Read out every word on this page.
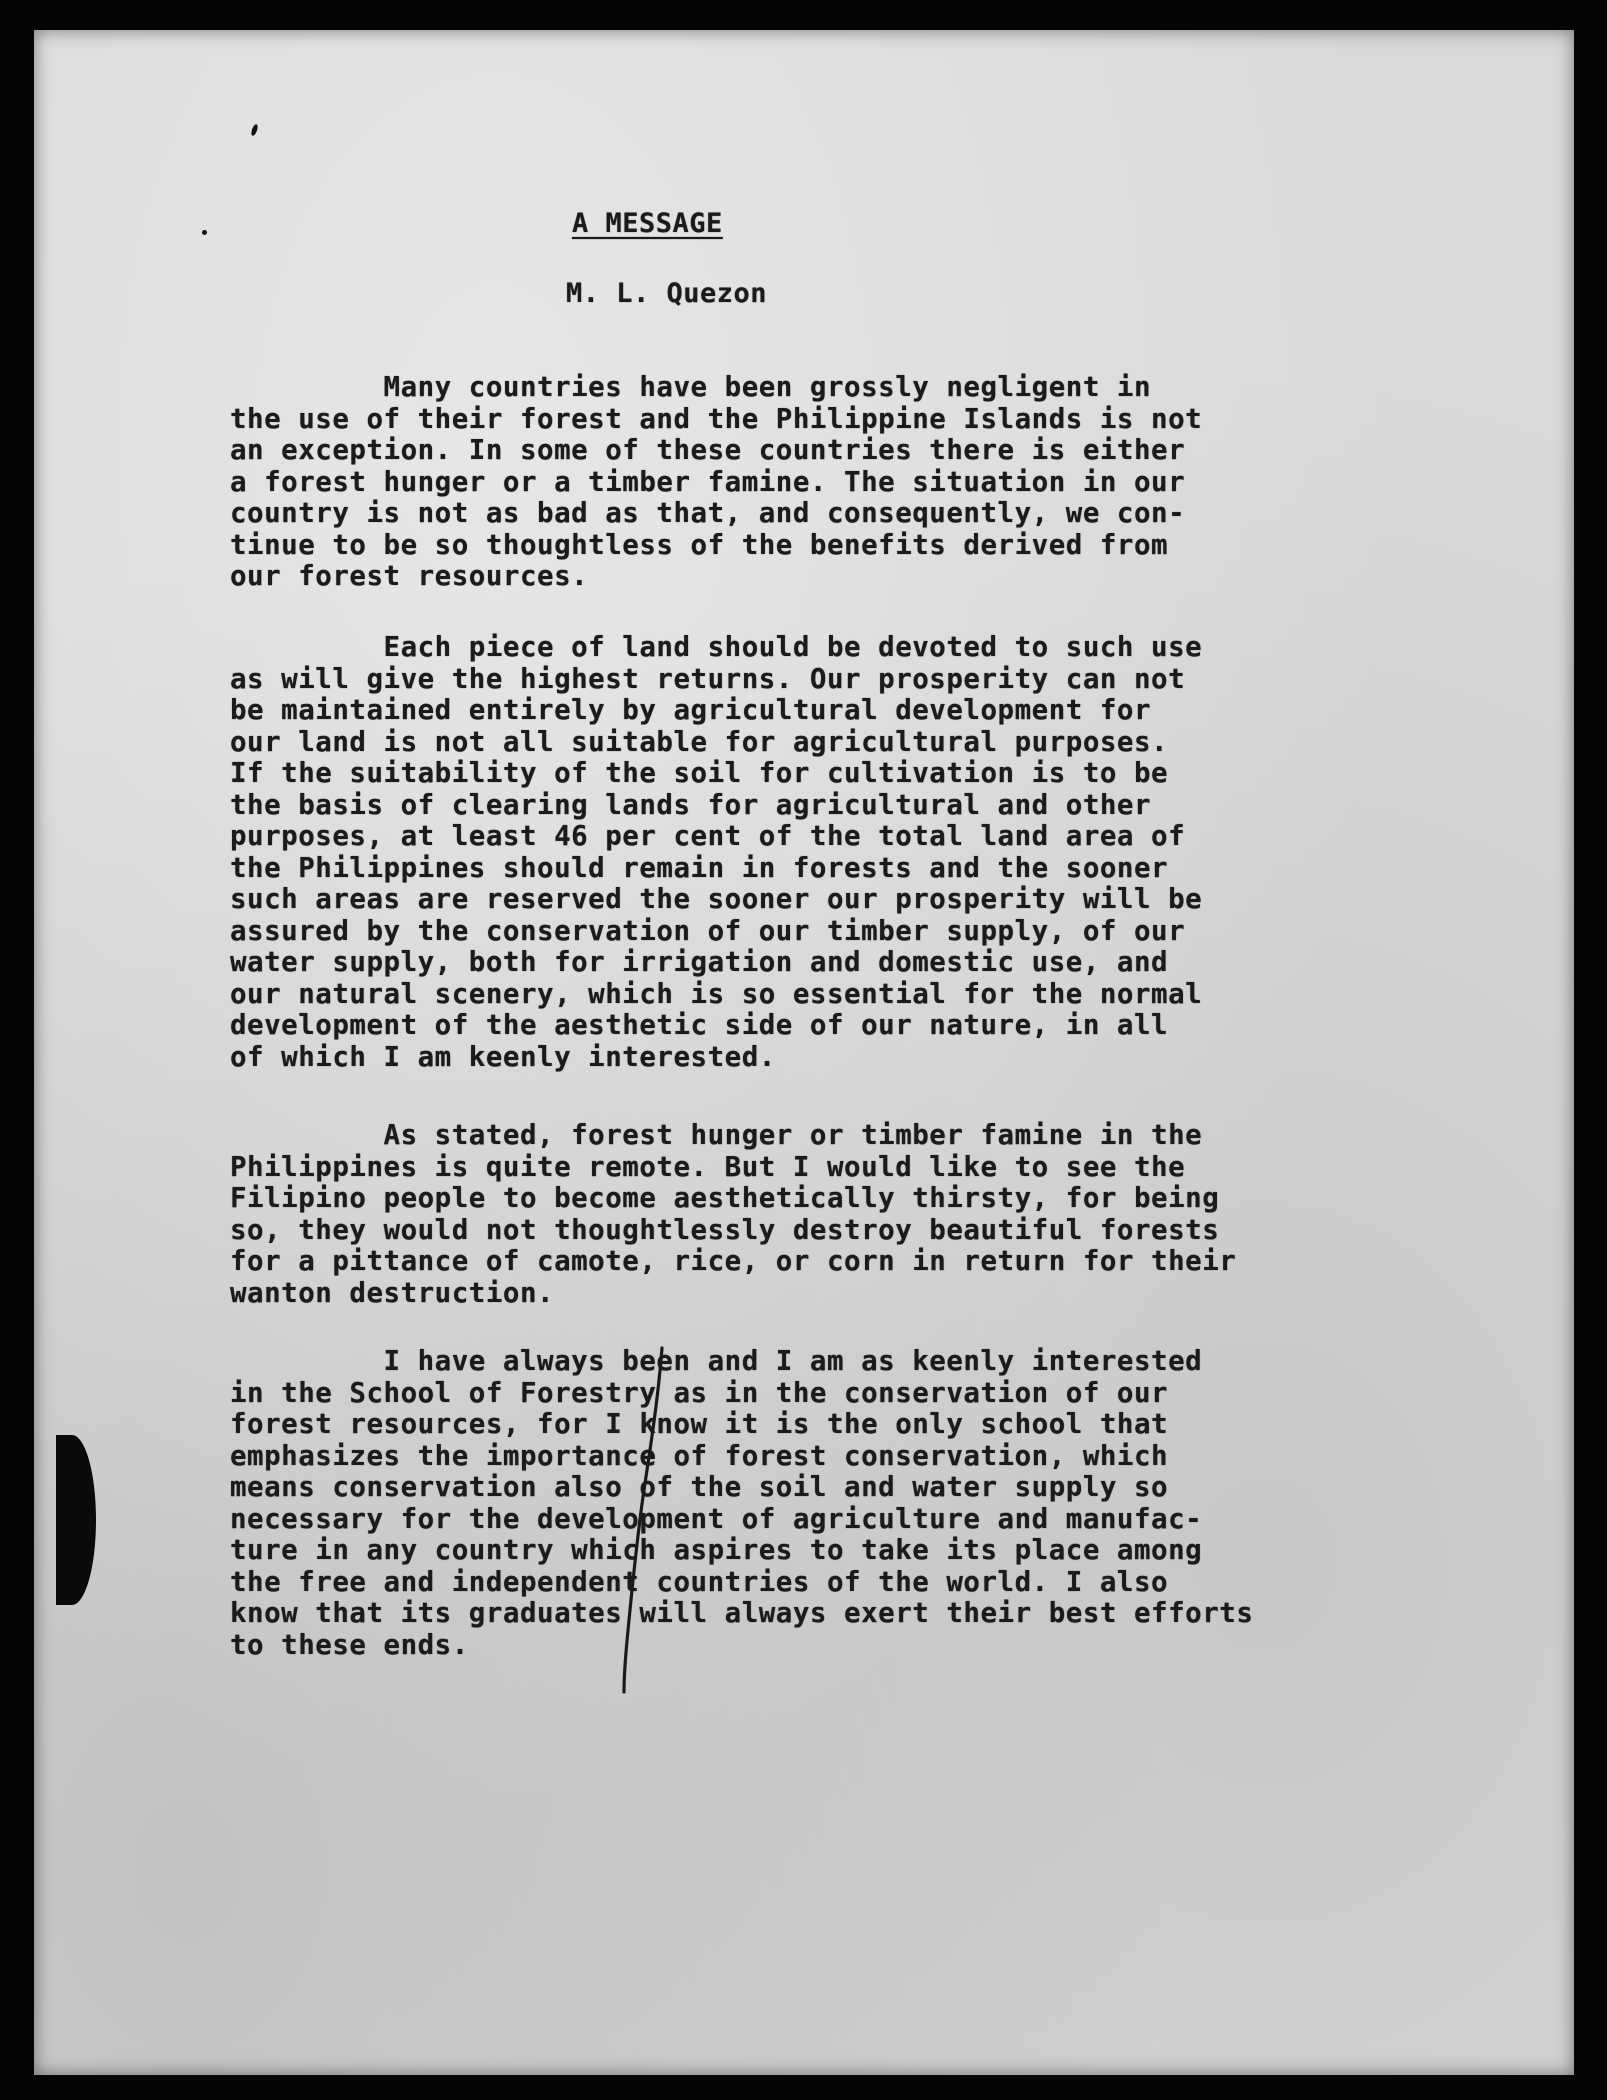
A MESSAGE
M. L. Quezon

Many countries have been grossly negligent in
the use of their forest and the Philippine Islands is not
an exception. In some of these countries there is either
a forest hunger or a timber famine. The situation in our
country is not as bad as that, and consequently, we con-
tinue to be so thoughtless of the benefits derived from
our forest resources.

Each piece of land should be devoted to such use
as will give the highest returns. Our prosperity can not
be maintained entirely by agricultural development for
our land is not all suitable for agricultural purposes.
If the suitability of the soil for cultivation is to be
the basis of clearing lands for agricultural and other
purposes, at least 46 per cent of the total land area of
the Philippines should remain in forests and the sooner
such areas are reserved the sooner our prosperity will be
assured by the conservation of our timber supply, of our
water supply, both for irrigation and domestic use, and
our natural scenery, which is so essential for the normal
development of the aesthetic side of our nature, in all
of which I am keenly interested.

As stated, forest hunger or timber famine in the
Philippines is quite remote. But I would like to see the
Filipino people to become aesthetically thirsty, for being
so, they would not thoughtlessly destroy beautiful forests
for a pittance of camote, rice, or corn in return for their
wanton destruction.

I have always been and I am as keenly interested
in the School of Forestry as in the conservation of our
forest resources, for I know it is the only school that
emphasizes the importance of forest conservation, which
means conservation also of the soil and water supply so
necessary for the development of agriculture and manufac-
ture in any country which aspires to take its place among
the free and independent countries of the world. I also
know that its graduates will always exert their best efforts
to these ends.
